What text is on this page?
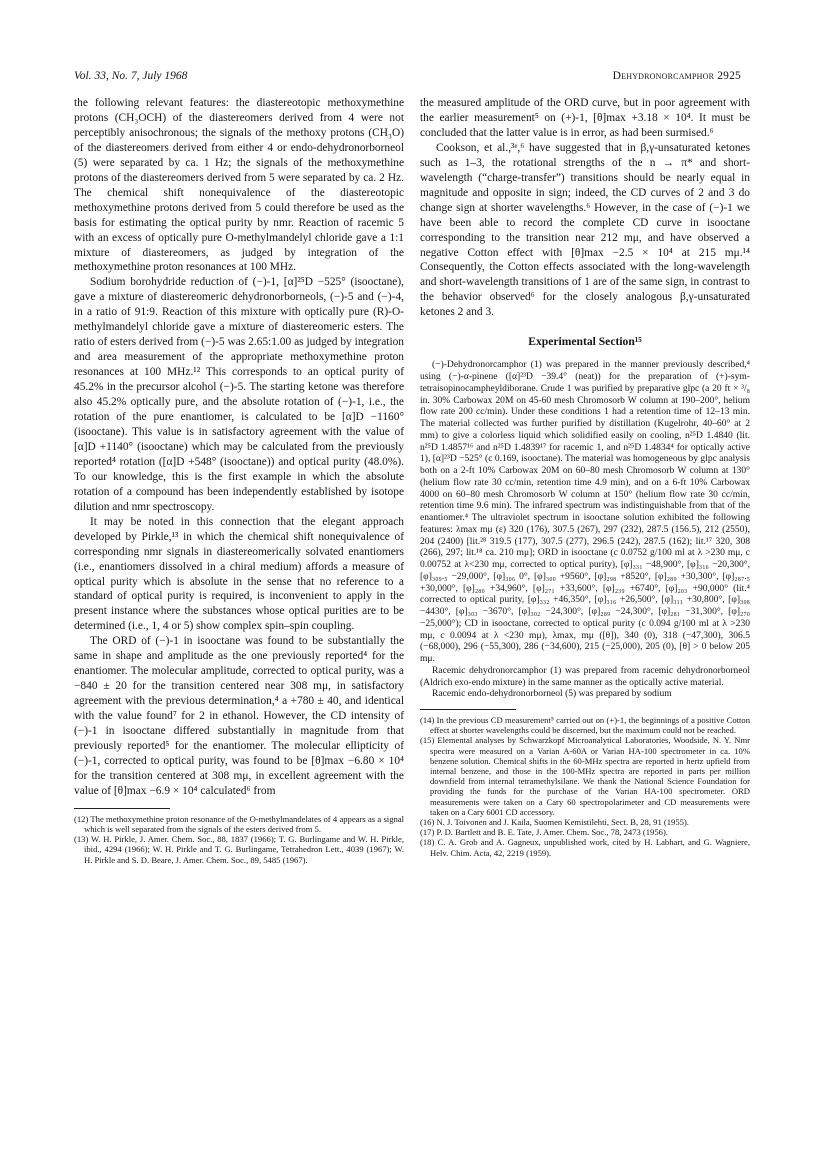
Vol. 33, No. 7, July 1968	Dehydronorcamphor 2925

the following relevant features: the diastereotopic methoxymethine protons (CH₃OCH) of the diastereomers derived from 4 were not perceptibly anisochronous; the signals of the methoxy protons (CH₃O) of the diastereomers derived from either 4 or endo-dehydronorborneol (5) were separated by ca. 1 Hz; the signals of the methoxymethine protons of the diastereomers derived from 5 were separated by ca. 2 Hz. The chemical shift nonequivalence of the diastereotopic methoxymethine protons derived from 5 could therefore be used as the basis for estimating the optical purity by nmr. Reaction of racemic 5 with an excess of optically pure O-methylmandelyl chloride gave a 1:1 mixture of diastereomers, as judged by integration of the methoxymethine proton resonances at 100 MHz.

Sodium borohydride reduction of (−)-1, [α]²⁵D −525° (isooctane), gave a mixture of diastereomeric dehydronorborneols, (−)-5 and (−)-4, in a ratio of 91:9. Reaction of this mixture with optically pure (R)-O-methylmandelyl chloride gave a mixture of diastereomeric esters. The ratio of esters derived from (−)-5 was 2.65:1.00 as judged by integration and area measurement of the appropriate methoxymethine proton resonances at 100 MHz.¹² This corresponds to an optical purity of 45.2% in the precursor alcohol (−)-5. The starting ketone was therefore also 45.2% optically pure, and the absolute rotation of (−)-1, i.e., the rotation of the pure enantiomer, is calculated to be [α]D −1160° (isooctane). This value is in satisfactory agreement with the value of [α]D +1140° (isooctane) which may be calculated from the previously reported⁴ rotation ([α]D +548° (isooctane)) and optical purity (48.0%). To our knowledge, this is the first example in which the absolute rotation of a compound has been independently established by isotope dilution and nmr spectroscopy.

It may be noted in this connection that the elegant approach developed by Pirkle,¹³ in which the chemical shift nonequivalence of corresponding nmr signals in diastereomerically solvated enantiomers (i.e., enantiomers dissolved in a chiral medium) affords a measure of optical purity which is absolute in the sense that no reference to a standard of optical purity is required, is inconvenient to apply in the present instance where the substances whose optical purities are to be determined (i.e., 1, 4 or 5) show complex spin–spin coupling.

The ORD of (−)-1 in isooctane was found to be substantially the same in shape and amplitude as the one previously reported⁴ for the enantiomer. The molecular amplitude, corrected to optical purity, was a −840 ± 20 for the transition centered near 308 mμ, in satisfactory agreement with the previous determination,⁴ a +780 ± 40, and identical with the value found⁷ for 2 in ethanol. However, the CD intensity of (−)-1 in isooctane differed substantially in magnitude from that previously reported⁵ for the enantiomer. The molecular ellipticity of (−)-1, corrected to optical purity, was found to be [θ]max −6.80 × 10⁴ for the transition centered at 308 mμ, in excellent agreement with the value of [θ]max −6.9 × 10⁴ calculated⁶ from

(12) The methoxymethine proton resonance of the O-methylmandelates of 4 appears as a signal which is well separated from the signals of the esters derived from 5.

(13) W. H. Pirkle, J. Amer. Chem. Soc., 88, 1837 (1966); T. G. Burlingame and W. H. Pirkle, ibid., 4294 (1966); W. H. Pirkle and T. G. Burlingame, Tetrahedron Lett., 4039 (1967); W. H. Pirkle and S. D. Beare, J. Amer. Chem. Soc., 89, 5485 (1967).

the measured amplitude of the ORD curve, but in poor agreement with the earlier measurement⁵ on (+)-1, [θ]max +3.18 × 10⁴. It must be concluded that the latter value is in error, as had been surmised.⁶

Cookson, et al.,³ᵉ,⁶ have suggested that in β,γ-unsaturated ketones such as 1–3, the rotational strengths of the n → π* and short-wavelength (“charge-transfer”) transitions should be nearly equal in magnitude and opposite in sign; indeed, the CD curves of 2 and 3 do change sign at shorter wavelengths.⁶ However, in the case of (−)-1 we have been able to record the complete CD curve in isooctane corresponding to the transition near 212 mμ, and have observed a negative Cotton effect with [θ]max −2.5 × 10⁴ at 215 mμ.¹⁴ Consequently, the Cotton effects associated with the long-wavelength and short-wavelength transitions of 1 are of the same sign, in contrast to the behavior observed⁶ for the closely analogous β,γ-unsaturated ketones 2 and 3.

Experimental Section¹⁵

(−)-Dehydronorcamphor (1) was prepared in the manner previously described,⁴ using (−)-α-pinene ([α]²³D −39.4° (neat)) for the preparation of (+)-sym-tetraisopinocampheyldiborane. Crude 1 was purified by preparative glpc (a 20 ft × ³/₈ in. 30% Carbowax 20M on 45-60 mesh Chromosorb W column at 190–200°, helium flow rate 200 cc/min). Under these conditions 1 had a retention time of 12–13 min. The material collected was further purified by distillation (Kugelrohr, 40–60° at 2 mm) to give a colorless liquid which solidified easily on cooling, n²⁵D 1.4840 (lit. n²⁵D 1.4857¹⁶ and n²⁵D 1.4839¹⁷ for racemic 1, and n²⁵D 1.4834⁴ for optically active 1), [α]²³D −525° (c 0.169, isooctane). The material was homogeneous by glpc analysis both on a 2-ft 10% Carbowax 20M on 60–80 mesh Chromosorb W column at 130° (helium flow rate 30 cc/min, retention time 4.9 min), and on a 6-ft 10% Carbowax 4000 on 60–80 mesh Chromosorb W column at 150° (helium flow rate 30 cc/min, retention time 9.6 min). The infrared spectrum was indistinguishable from that of the enantiomer.⁴ The ultraviolet spectrum in isooctane solution exhibited the following features: λmax mμ (ε) 320 (176), 307.5 (267), 297 (232), 287.5 (156.5), 212 (2550), 204 (2400) [lit.²⁸ 319.5 (177), 307.5 (277), 296.5 (242), 287.5 (162); lit.¹⁷ 320, 308 (266), 297; lit.¹⁸ ca. 210 mμ]; ORD in isooctane (c 0.0752 g/100 ml at λ >230 mμ, c 0.00752 at λ<230 mμ, corrected to optical purity), [φ]₃₃₁ −48,900°, [φ]₃₁₆ −20,300°, [φ]₃₀₉.₅ −29,000°, [φ]₃₀₆ 0°, [φ]₃₀₀ +9560°, [φ]₂₉₈ +8520°, [φ]₂₈₉ +30,300°, [φ]₂₈₇.₅ +30,000°, [φ]₂₈₀ +34,960°, [φ]₂₇₁ +33,600°, [φ]₂₃₉ +6740°, [φ]₂₀₃ +90,000° (lit.⁴ corrected to optical purity, [φ]₃₃₂ +46,350°, [φ]₃₁₆ +26,500°, [φ]₃₁₁ +30,800°, [φ]₃₀₈ −4430°, [φ]₃₀₃ −3670°, [φ]₃₀₂ −24,300°, [φ]₂₈₉ −24,300°, [φ]₂₈₁ −31,300°, [φ]₂₇₀ −25,000°); CD in isooctane, corrected to optical purity (c 0.094 g/100 ml at λ >230 mμ, c 0.0094 at λ <230 mμ), λmax, mμ ([θ]), 340 (0), 318 (−47,300), 306.5 (−68,000), 296 (−55,300), 286 (−34,600), 215 (−25,000), 205 (0), [θ] > 0 below 205 mμ.

Racemic dehydronorcamphor (1) was prepared from racemic dehydronorborneol (Aldrich exo-endo mixture) in the same manner as the optically active material.

Racemic endo-dehydronorborneol (5) was prepared by sodium

(14) In the previous CD measurement⁵ carried out on (+)-1, the beginnings of a positive Cotton effect at shorter wavelengths could be discerned, but the maximum could not be reached.

(15) Elemental analyses by Schwarzkopf Microanalytical Laboratories, Woodside, N. Y. Nmr spectra were measured on a Varian A-60A or Varian HA-100 spectrometer in ca. 10% benzene solution. Chemical shifts in the 60-MHz spectra are reported in hertz upfield from internal benzene, and those in the 100-MHz spectra are reported in parts per million downfield from internal tetramethylsilane. We thank the National Science Foundation for providing the funds for the purchase of the Varian HA-100 spectrometer. ORD measurements were taken on a Cary 60 spectropolarimeter and CD measurements were taken on a Cary 6001 CD accessory.

(16) N. J. Toivonen and J. Kaila, Suomen Kemistilehti, Sect. B, 28, 91 (1955).

(17) P. D. Bartlett and B. E. Tate, J. Amer. Chem. Soc., 78, 2473 (1956).

(18) C. A. Grob and A. Gagneux, unpublished work, cited by H. Labhart, and G. Wagniere, Helv. Chim. Acta, 42, 2219 (1959).
